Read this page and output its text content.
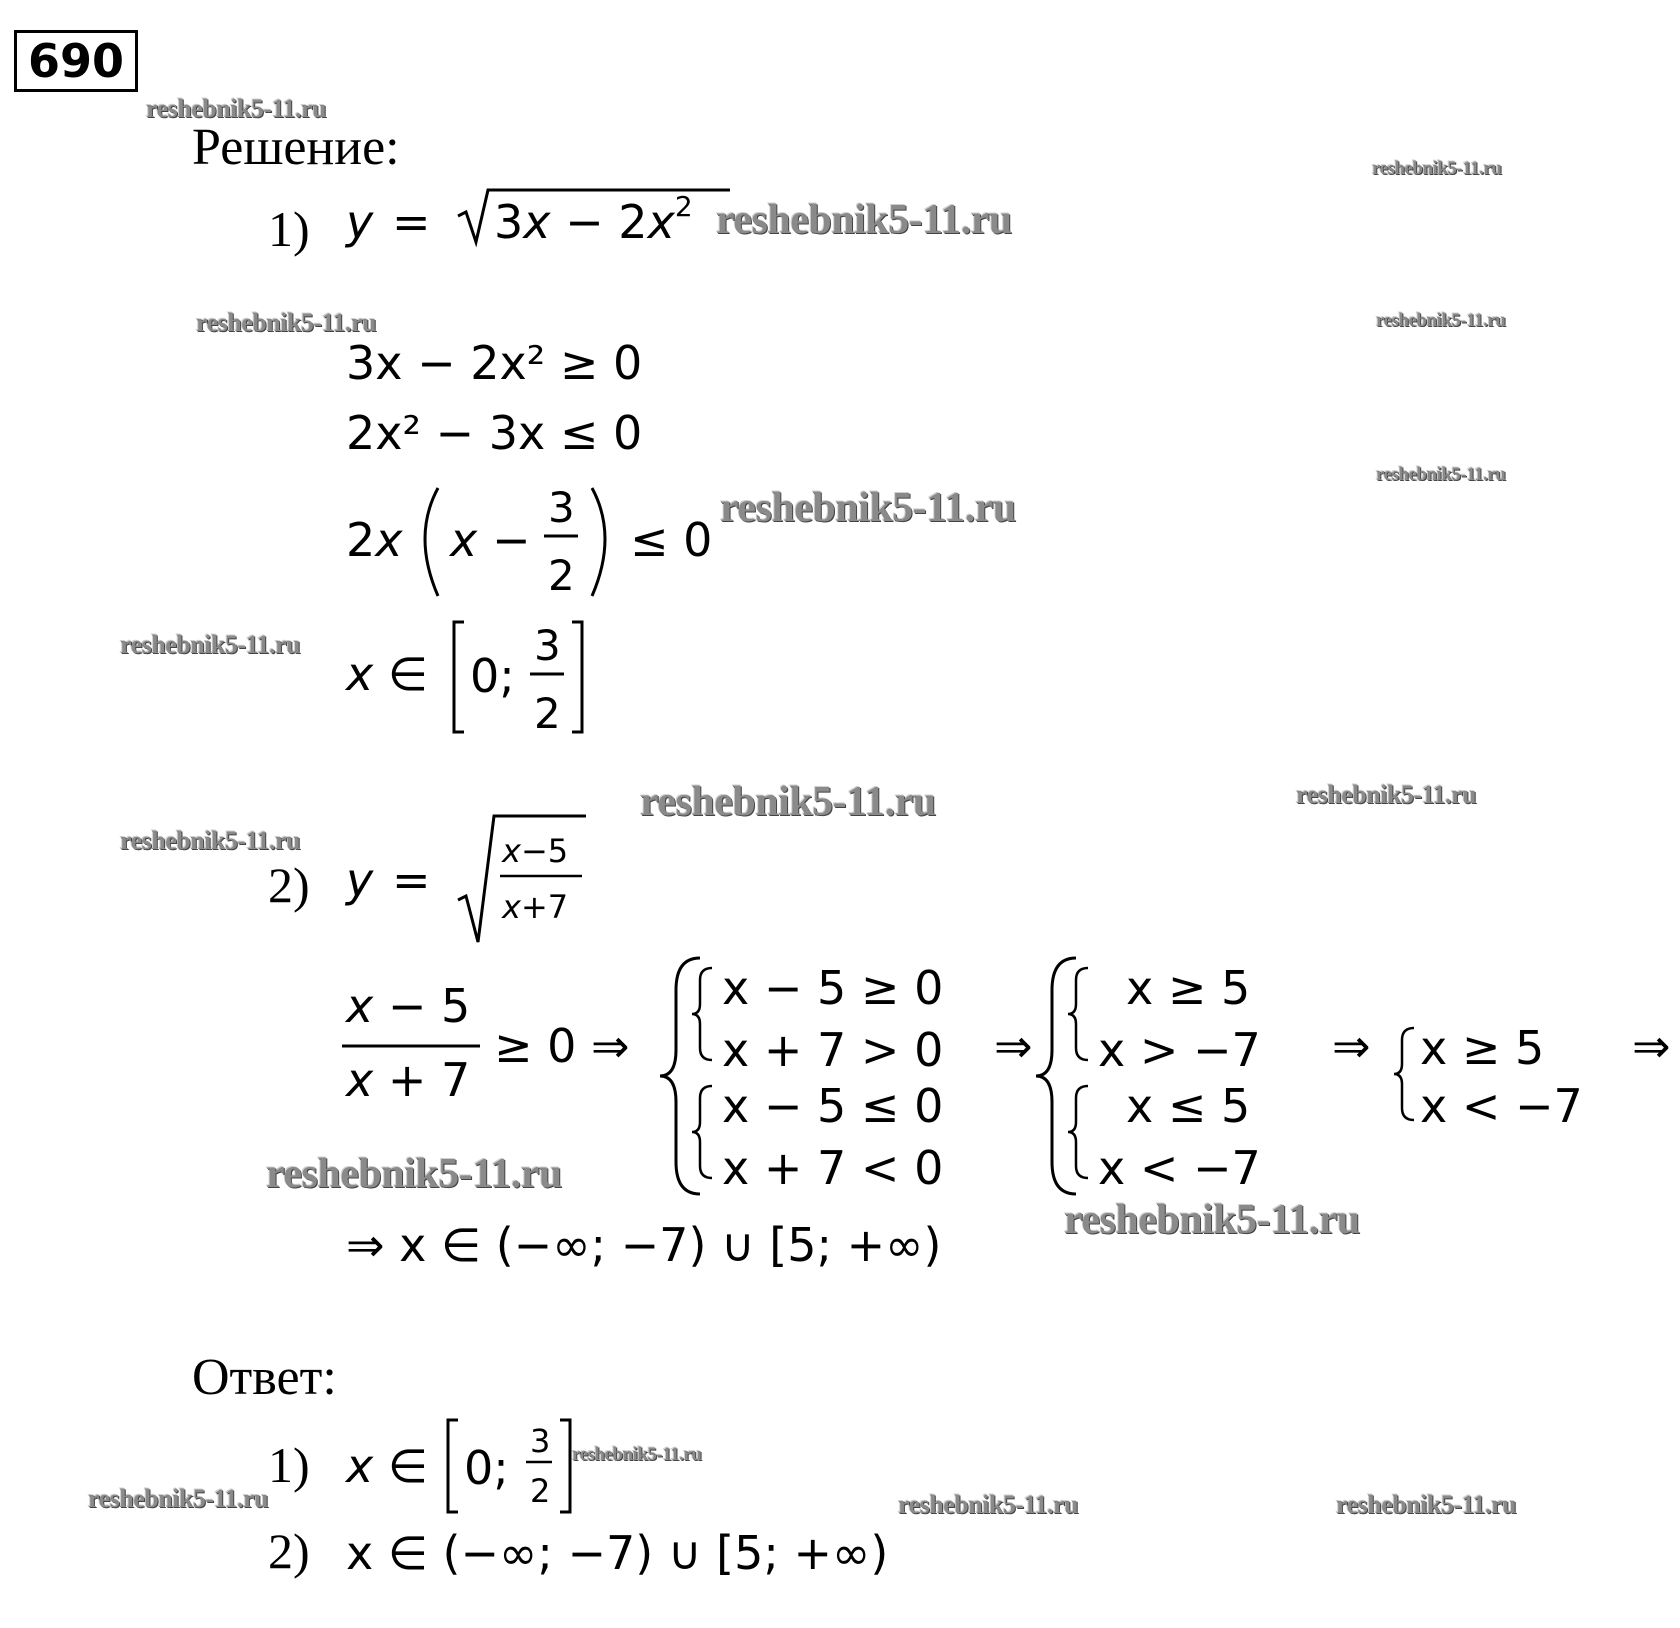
690
reshebnik5-11.ru
reshebnik5-11.ru
reshebnik5-11.ru
reshebnik5-11.ru	reshebnik5-11.ru
reshebnik5-11.ru
reshebnik5-11.ru
reshebnik5-11.ru
reshebnik5-11.ru	reshebnik5-11.ru
reshebnik5-11.ru
reshebnik5-11.ru
reshebnik5-11.ru
reshebnik5-11.ru
reshebnik5-11.ru	reshebnik5-11.ru	reshebnik5-11.ru
Решение:
Ответ:
1)
2)
1)
2)
$y = 3x - 2x^2$
3x − 2x² ≥ 0
2x² − 3x ≤ 0
2x x −
3
2
≤ 0
x ∈ 0;
3
2
y =
x−5
x+7
x − 5
x + 7
≥ 0 ⇒
x − 5 ≥ 0
x + 7 > 0
x − 5 ≤ 0
x + 7 < 0
⇒
x ≥ 5
x > −7
x ≤ 5
x < −7
⇒ x ≥ 5
x < −7
⇒
⇒ x ∈ (−∞; −7) ∪ [5; +∞)
x ∈ 0; 3
2
x ∈ (−∞; −7) ∪ [5; +∞)
